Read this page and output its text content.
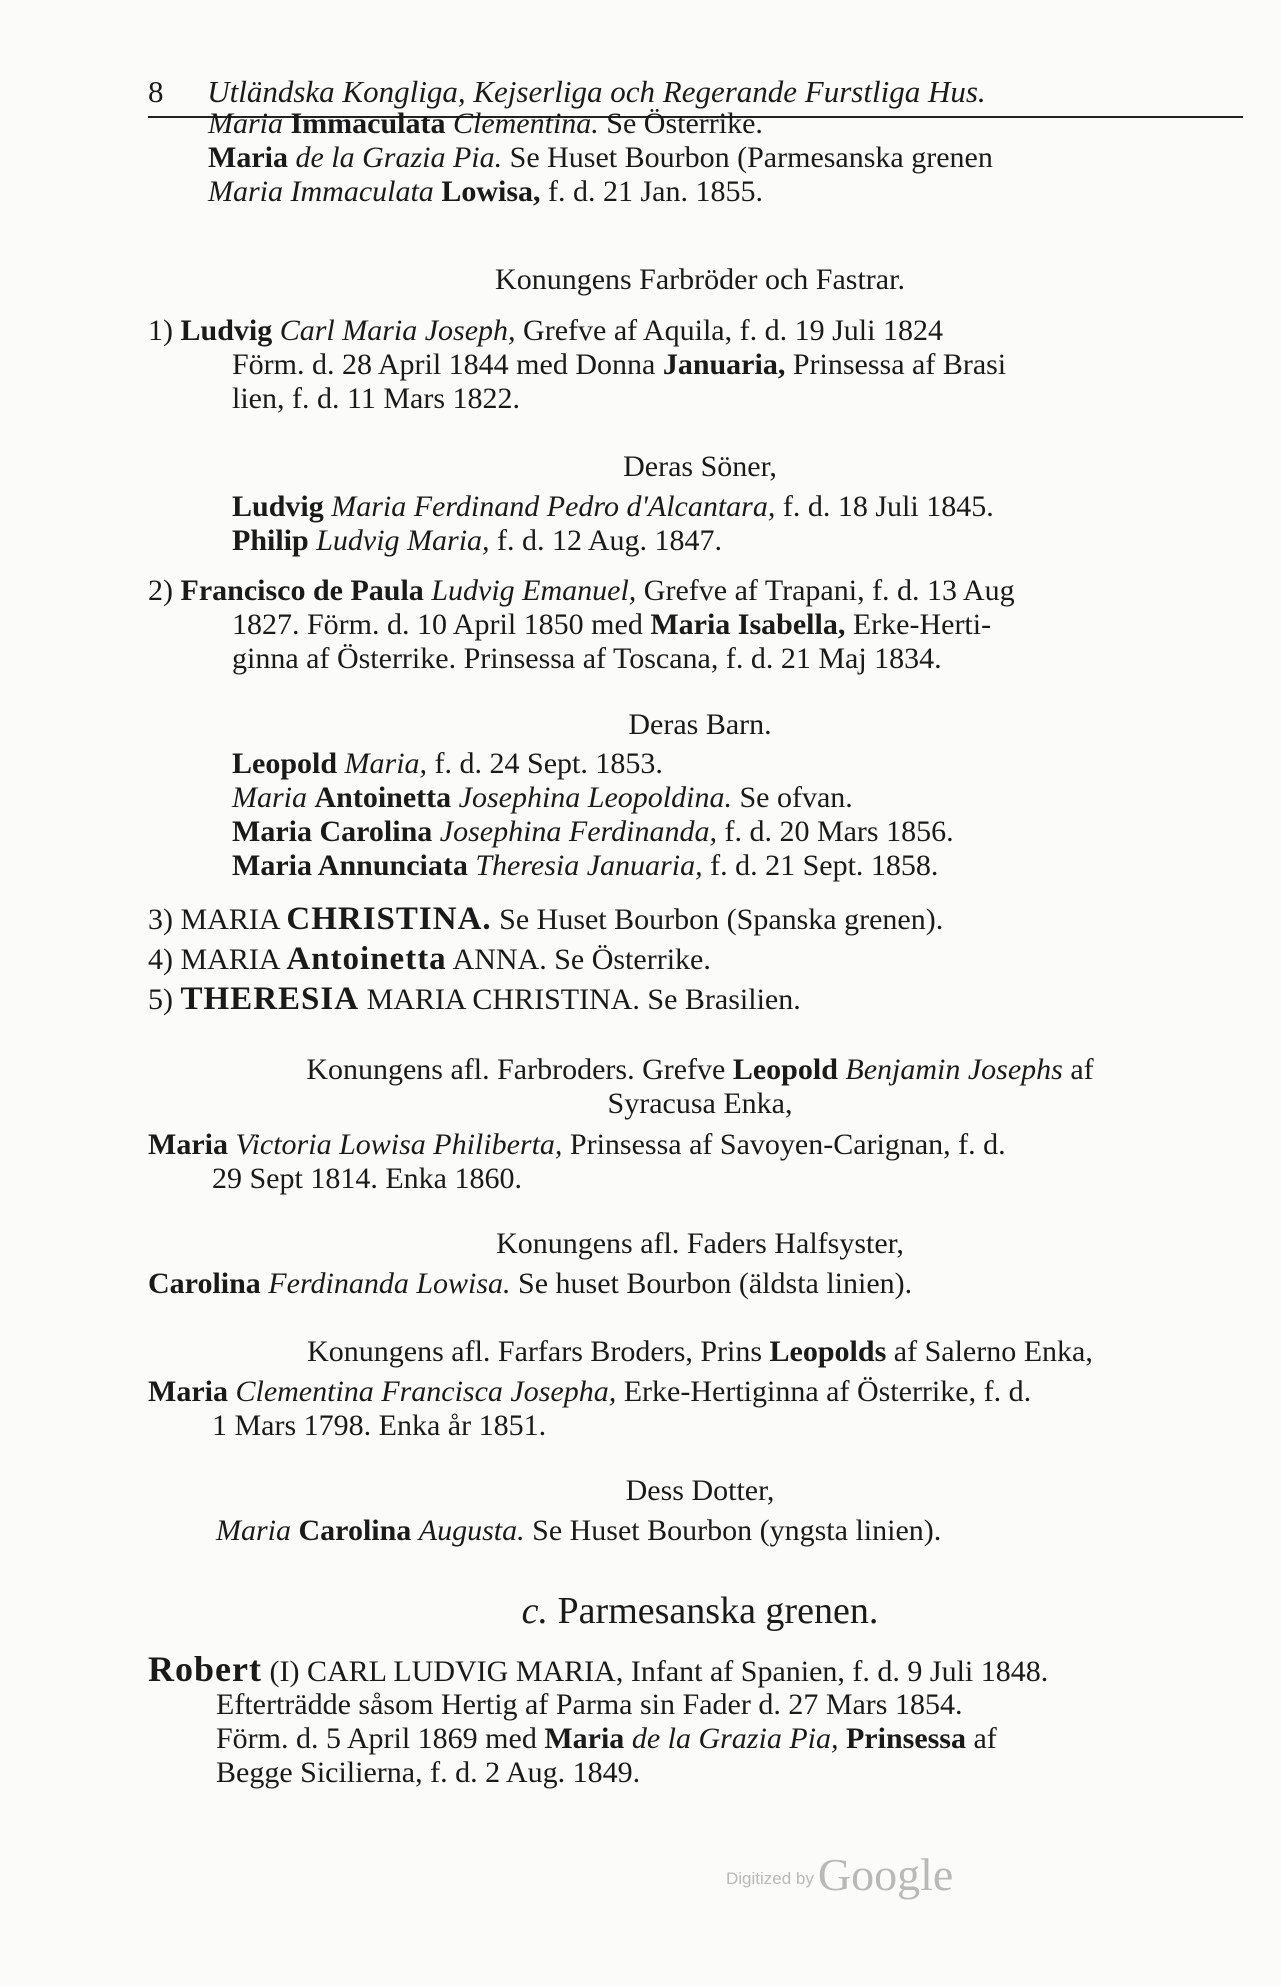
8 Utländska Kongliga, Kejserliga och Regerande Furstliga Hus.
Maria Immaculata Clementina. Se Österrike.
Maria de la Grazia Pia. Se Huset Bourbon (Parmesanska grenen
Maria Immaculata Lowisa, f. d. 21 Jan. 1855.
Konungens Farbröder och Fastrar.
1) Ludvig Carl Maria Joseph, Grefve af Aquila, f. d. 19 Juli 1824
Förm. d. 28 April 1844 med Donna Januaria, Prinsessa af Brasi
lien, f. d. 11 Mars 1822.
Deras Söner,
Ludvig Maria Ferdinand Pedro d'Alcantara, f. d. 18 Juli 1845.
Philip Ludvig Maria, f. d. 12 Aug. 1847.
2) Francisco de Paula Ludvig Emanuel, Grefve af Trapani, f. d. 13 Aug
1827. Förm. d. 10 April 1850 med Maria Isabella, Erke-Herti-
ginna af Österrike. Prinsessa af Toscana, f. d. 21 Maj 1834.
Deras Barn.
Leopold Maria, f. d. 24 Sept. 1853.
Maria Antoinetta Josephina Leopoldina. Se ofvan.
Maria Carolina Josephina Ferdinanda, f. d. 20 Mars 1856.
Maria Annunciata Theresia Januaria, f. d. 21 Sept. 1858.
3) MARIA CHRISTINA. Se Huset Bourbon (Spanska grenen).
4) MARIA Antoinetta ANNA. Se Österrike.
5) THERESIA MARIA CHRISTINA. Se Brasilien.
Konungens afl. Farbroders. Grefve Leopold Benjamin Josephs af
Syracusa Enka,
Maria Victoria Lowisa Philiberta, Prinsessa af Savoyen-Carignan, f. d.
29 Sept 1814. Enka 1860.
Konungens afl. Faders Halfsyster,
Carolina Ferdinanda Lowisa. Se huset Bourbon (äldsta linien).
Konungens afl. Farfars Broders, Prins Leopolds af Salerno Enka,
Maria Clementina Francisca Josepha, Erke-Hertiginna af Österrike, f. d.
1 Mars 1798. Enka år 1851.
Dess Dotter,
Maria Carolina Augusta. Se Huset Bourbon (yngsta linien).
c. Parmesanska grenen.
Robert (I) CARL LUDVIG MARIA, Infant af Spanien, f. d. 9 Juli 1848.
Efterträdde såsom Hertig af Parma sin Fader d. 27 Mars 1854.
Förm. d. 5 April 1869 med Maria de la Grazia Pia, Prinsessa af
Begge Sicilierna, f. d. 2 Aug. 1849.
Digitized by Google
